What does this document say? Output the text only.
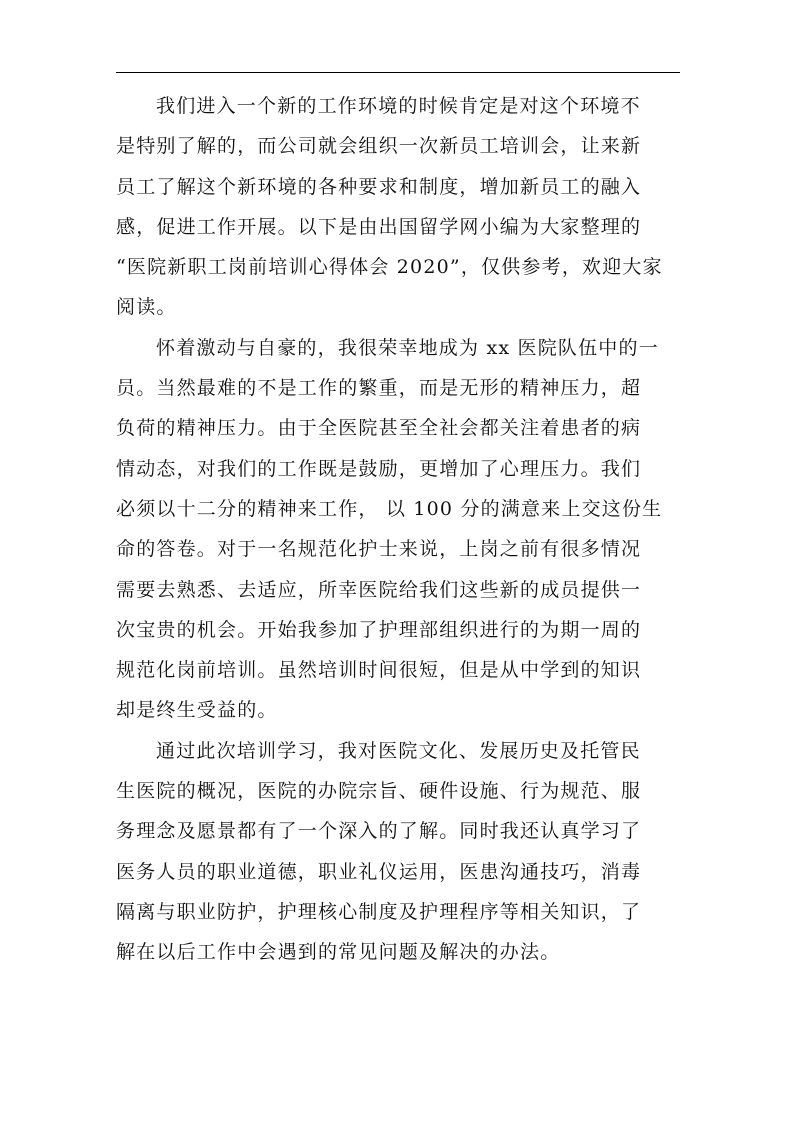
我们进入一个新的工作环境的时候肯定是对这个环境不
是特别了解的，而公司就会组织一次新员工培训会，让来新
员工了解这个新环境的各种要求和制度，增加新员工的融入
感，促进工作开展。以下是由出国留学网小编为大家整理的
“医院新职工岗前培训心得体会 2020”，仅供参考，欢迎大家
阅读。
怀着激动与自豪的，我很荣幸地成为 xx 医院队伍中的一
员。当然最难的不是工作的繁重，而是无形的精神压力，超
负荷的精神压力。由于全医院甚至全社会都关注着患者的病
情动态，对我们的工作既是鼓励，更增加了心理压力。我们
必须以十二分的精神来工作， 以 100 分的满意来上交这份生
命的答卷。对于一名规范化护士来说，上岗之前有很多情况
需要去熟悉、去适应，所幸医院给我们这些新的成员提供一
次宝贵的机会。开始我参加了护理部组织进行的为期一周的
规范化岗前培训。虽然培训时间很短，但是从中学到的知识
却是终生受益的。
通过此次培训学习，我对医院文化、发展历史及托管民
生医院的概况，医院的办院宗旨、硬件设施、行为规范、服
务理念及愿景都有了一个深入的了解。同时我还认真学习了
医务人员的职业道德，职业礼仪运用，医患沟通技巧，消毒
隔离与职业防护，护理核心制度及护理程序等相关知识，了
解在以后工作中会遇到的常见问题及解决的办法。
